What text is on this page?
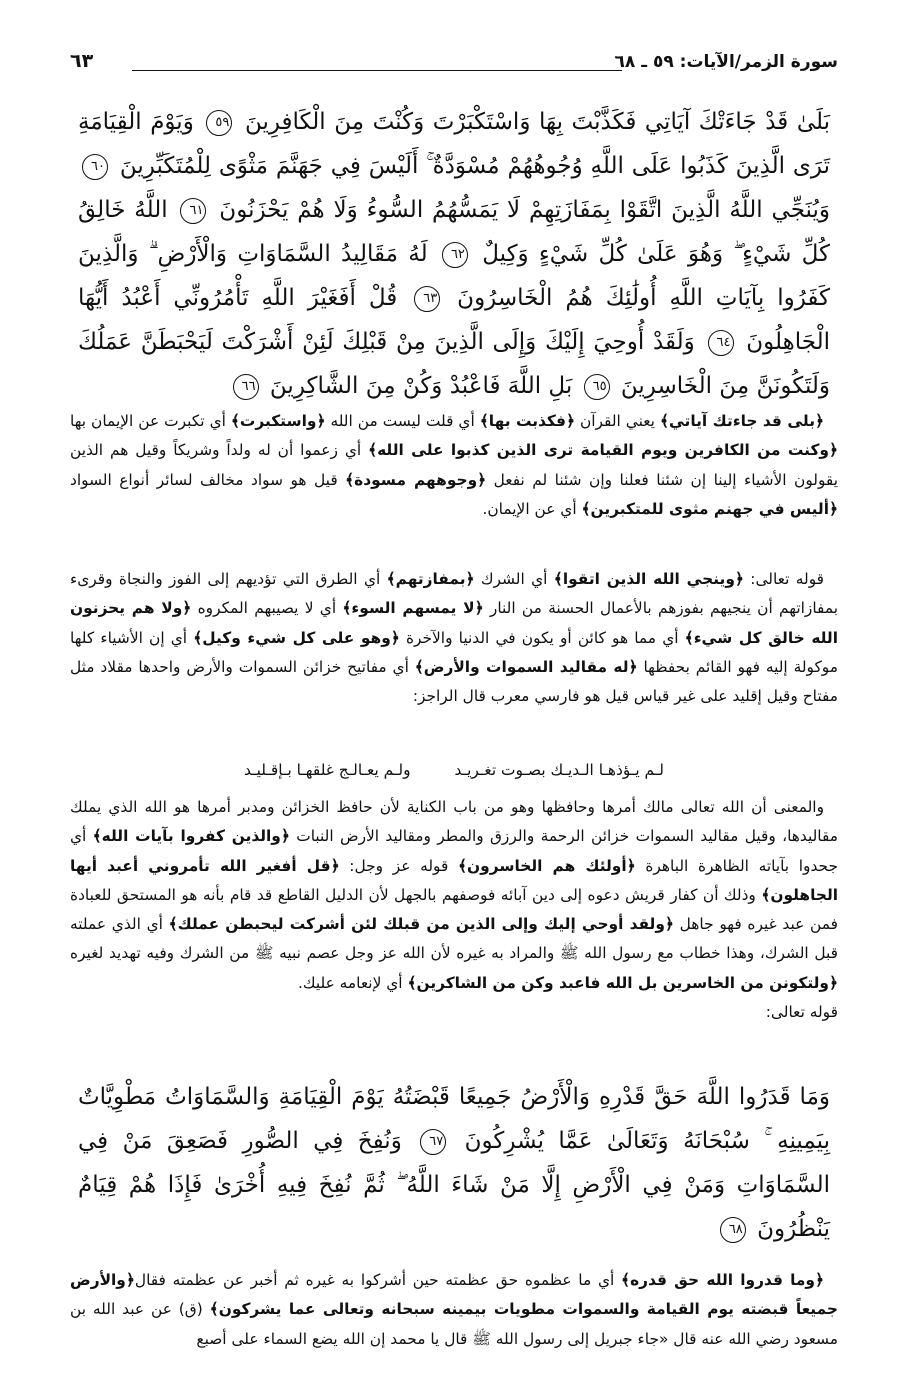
سورة الزمر/الآيات: ٥٩ ـ ٦٨
٦٣
بَلَىٰ قَدْ جَاءَتْكَ آيَاتِي فَكَذَّبْتَ بِهَا وَاسْتَكْبَرْتَ وَكُنْتَ مِنَ الْكَافِرِينَ ٥٩ وَيَوْمَ الْقِيَامَةِ تَرَى الَّذِينَ كَذَبُوا عَلَى اللَّهِ وُجُوهُهُمْ مُسْوَدَّةٌ ۚ أَلَيْسَ فِي جَهَنَّمَ مَثْوًى لِلْمُتَكَبِّرِينَ ٦٠ وَيُنَجِّي اللَّهُ الَّذِينَ اتَّقَوْا بِمَفَازَتِهِمْ لَا يَمَسُّهُمُ السُّوءُ وَلَا هُمْ يَحْزَنُونَ ٦١ اللَّهُ خَالِقُ كُلِّ شَيْءٍ ۖ وَهُوَ عَلَىٰ كُلِّ شَيْءٍ وَكِيلٌ ٦٢ لَهُ مَقَالِيدُ السَّمَاوَاتِ وَالْأَرْضِ ۗ وَالَّذِينَ كَفَرُوا بِآيَاتِ اللَّهِ أُولَٰئِكَ هُمُ الْخَاسِرُونَ ٦٣ قُلْ أَفَغَيْرَ اللَّهِ تَأْمُرُونِّي أَعْبُدُ أَيُّهَا الْجَاهِلُونَ ٦٤ وَلَقَدْ أُوحِيَ إِلَيْكَ وَإِلَى الَّذِينَ مِنْ قَبْلِكَ لَئِنْ أَشْرَكْتَ لَيَحْبَطَنَّ عَمَلُكَ وَلَتَكُونَنَّ مِنَ الْخَاسِرِينَ ٦٥ بَلِ اللَّهَ فَاعْبُدْ وَكُنْ مِنَ الشَّاكِرِينَ ٦٦

﴿بلى قد جاءتك آياتي﴾ يعني القرآن ﴿فكذبت بها﴾ أي قلت ليست من الله ﴿واستكبرت﴾ أي تكبرت عن الإيمان بها ﴿وكنت من الكافرين ويوم القيامة ترى الذين كذبوا على الله﴾ أي زعموا أن له ولداً وشريكاً وقيل هم الذين يقولون الأشياء إلينا إن شئنا فعلنا وإن شئنا لم نفعل ﴿وجوههم مسودة﴾ قيل هو سواد مخالف لسائر أنواع السواد ﴿أليس في جهنم مثوى للمتكبرين﴾ أي عن الإيمان.

قوله تعالى: ﴿وينجي الله الذين اتقوا﴾ أي الشرك ﴿بمفازتهم﴾ أي الطرق التي تؤديهم إلى الفوز والنجاة وقرىء بمفازاتهم أن ينجيهم بفوزهم بالأعمال الحسنة من النار ﴿لا يمسهم السوء﴾ أي لا يصيبهم المكروه ﴿ولا هم يحزنون الله خالق كل شيء﴾ أي مما هو كائن أو يكون في الدنيا والآخرة ﴿وهو على كل شيء وكيل﴾ أي إن الأشياء كلها موكولة إليه فهو القائم بحفظها ﴿له مقاليد السموات والأرض﴾ أي مفاتيح خزائن السموات والأرض واحدها مقلاد مثل مفتاح وقيل إقليد على غير قياس قيل هو فارسي معرب قال الراجز:

لـم يـؤذهـا الـديـك بصـوت تغـريـد
ولـم يعـالـج غلقهـا بـإقـليـد

والمعنى أن الله تعالى مالك أمرها وحافظها وهو من باب الكناية لأن حافظ الخزائن ومدبر أمرها هو الله الذي يملك مقاليدها، وقيل مقاليد السموات خزائن الرحمة والرزق والمطر ومقاليد الأرض النبات ﴿والذين كفروا بآيات الله﴾ أي جحدوا بآياته الظاهرة الباهرة ﴿أولئك هم الخاسرون﴾ قوله عز وجل: ﴿قل أفغير الله تأمروني أعبد أيها الجاهلون﴾ وذلك أن كفار قريش دعوه إلى دين آبائه فوصفهم بالجهل لأن الدليل القاطع قد قام بأنه هو المستحق للعبادة فمن عبد غيره فهو جاهل ﴿ولقد أوحي إليك وإلى الذين من قبلك لئن أشركت ليحبطن عملك﴾ أي الذي عملته قبل الشرك، وهذا خطاب مع رسول الله ﷺ والمراد به غيره لأن الله عز وجل عصم نبيه ﷺ من الشرك وفيه تهديد لغيره ﴿ولتكونن من الخاسرين بل الله فاعبد وكن من الشاكرين﴾ أي لإنعامه عليك.
قوله تعالى:

وَمَا قَدَرُوا اللَّهَ حَقَّ قَدْرِهِ وَالْأَرْضُ جَمِيعًا قَبْضَتُهُ يَوْمَ الْقِيَامَةِ وَالسَّمَاوَاتُ مَطْوِيَّاتٌ بِيَمِينِهِ ۚ سُبْحَانَهُ وَتَعَالَىٰ عَمَّا يُشْرِكُونَ ٦٧ وَنُفِخَ فِي الصُّورِ فَصَعِقَ مَنْ فِي السَّمَاوَاتِ وَمَنْ فِي الْأَرْضِ إِلَّا مَنْ شَاءَ اللَّهُ ۖ ثُمَّ نُفِخَ فِيهِ أُخْرَىٰ فَإِذَا هُمْ قِيَامٌ يَنْظُرُونَ ٦٨

﴿وما قدروا الله حق قدره﴾ أي ما عظموه حق عظمته حين أشركوا به غيره ثم أخبر عن عظمته فقال﴿والأرض جميعاً قبضته يوم القيامة والسموات مطويات بيمينه سبحانه وتعالى عما يشركون﴾ (ق) عن عبد الله بن مسعود رضي الله عنه قال «جاء جبريل إلى رسول الله ﷺ قال يا محمد إن الله يضع السماء على أصبع
